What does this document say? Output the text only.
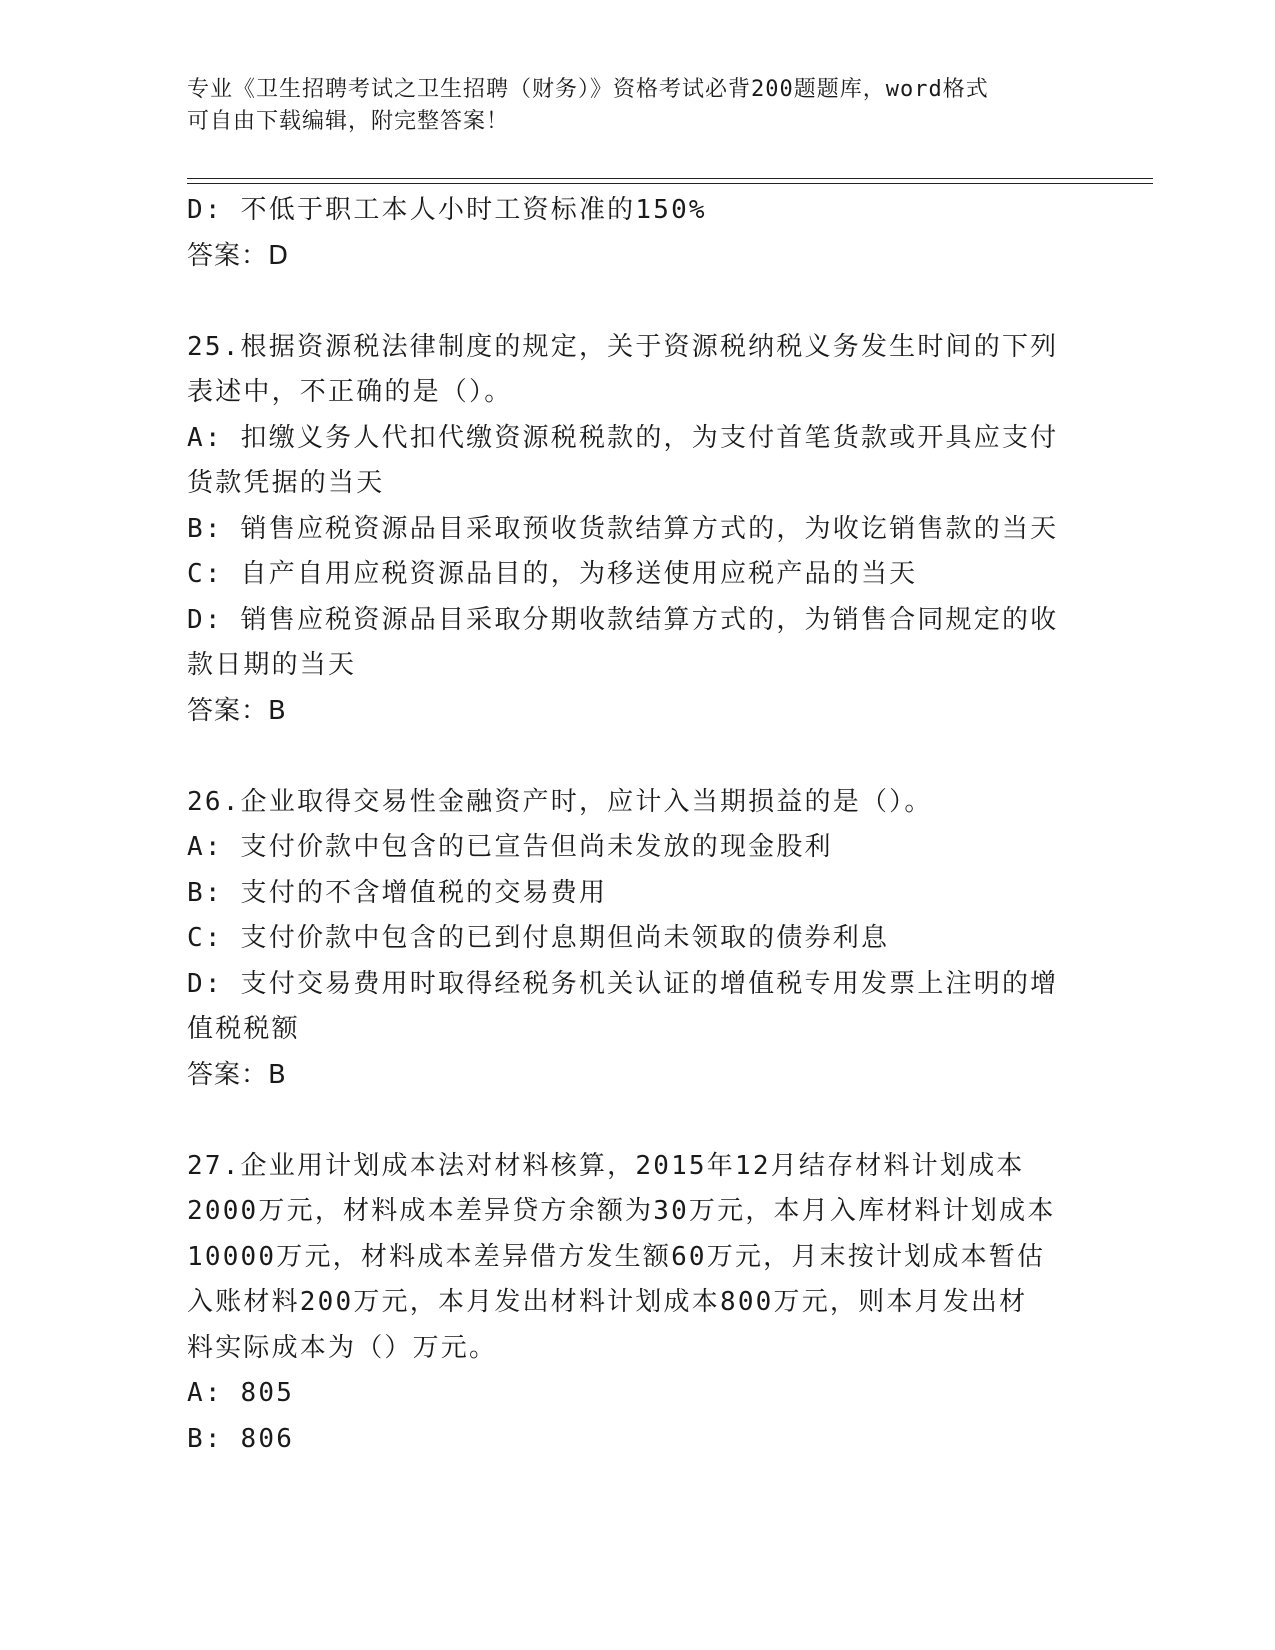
专业《卫生招聘考试之卫生招聘（财务）》资格考试必背200题题库，word格式
可自由下载编辑，附完整答案！
D: 不低于职工本人小时工资标准的150%
答案：D
25.根据资源税法律制度的规定，关于资源税纳税义务发生时间的下列
表述中，不正确的是（）。
A: 扣缴义务人代扣代缴资源税税款的，为支付首笔货款或开具应支付
货款凭据的当天
B: 销售应税资源品目采取预收货款结算方式的，为收讫销售款的当天
C: 自产自用应税资源品目的，为移送使用应税产品的当天
D: 销售应税资源品目采取分期收款结算方式的，为销售合同规定的收
款日期的当天
答案：B
26.企业取得交易性金融资产时，应计入当期损益的是（）。
A: 支付价款中包含的已宣告但尚未发放的现金股利
B: 支付的不含增值税的交易费用
C: 支付价款中包含的已到付息期但尚未领取的债券利息
D: 支付交易费用时取得经税务机关认证的增值税专用发票上注明的增
值税税额
答案：B
27.企业用计划成本法对材料核算，2015年12月结存材料计划成本
2000万元，材料成本差异贷方余额为30万元，本月入库材料计划成本
10000万元，材料成本差异借方发生额60万元，月末按计划成本暂估
入账材料200万元，本月发出材料计划成本800万元，则本月发出材
料实际成本为（）万元。
A: 805
B: 806
